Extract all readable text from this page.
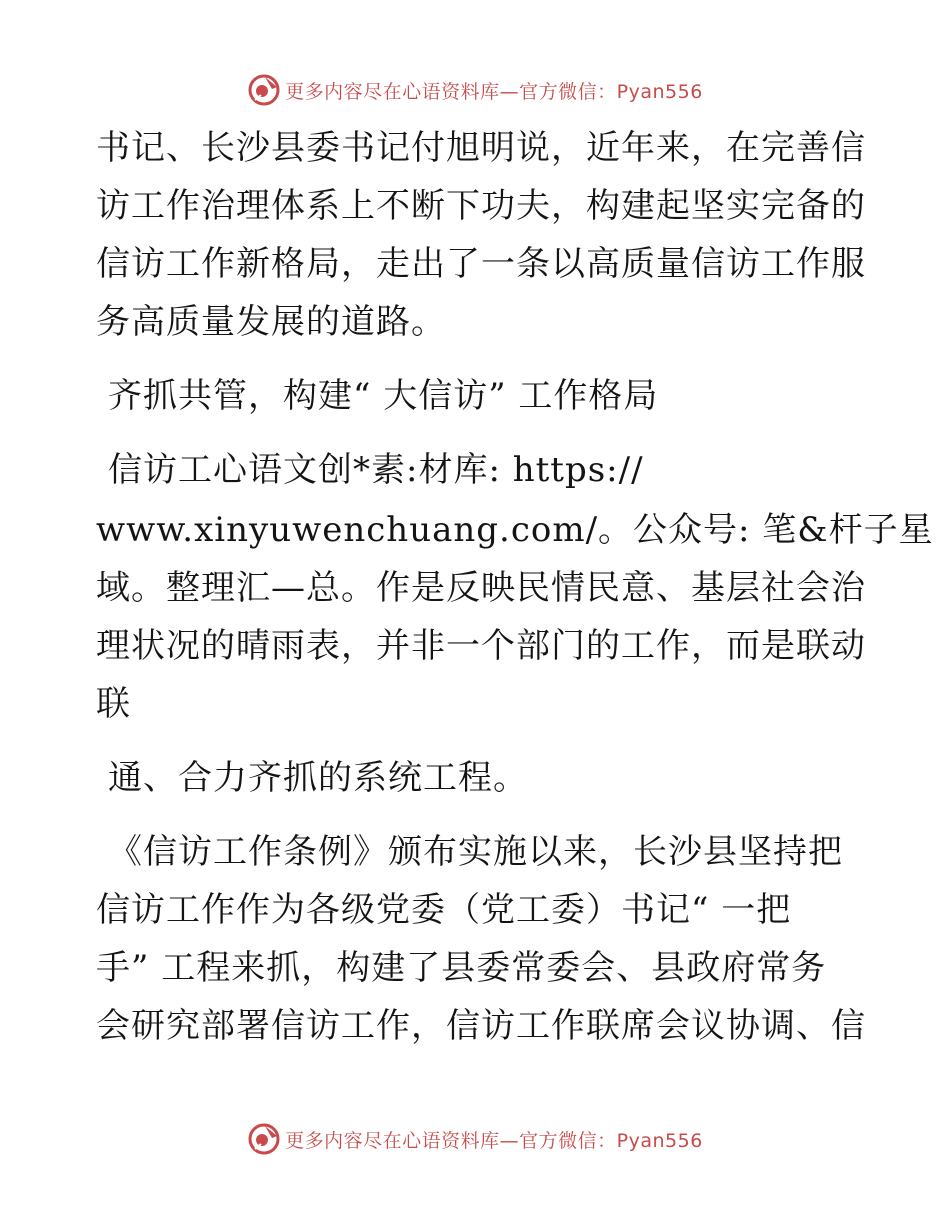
更多内容尽在心语资料库—官方微信：Pyan556
书记、长沙县委书记付旭明说，近年来，在完善信
访工作治理体系上不断下功夫，构建起坚实完备的
信访工作新格局，走出了一条以高质量信访工作服
务高质量发展的道路。
齐抓共管，构建“ 大信访” 工作格局
信访工心语文创*素:材库: https://
www.xinyuwenchuang.com/。公众号: 笔&杆子星
域。整理汇—总。作是反映民情民意、基层社会治
理状况的晴雨表，并非一个部门的工作，而是联动
联
通、合力齐抓的系统工程。
《信访工作条例》颁布实施以来，长沙县坚持把
信访工作作为各级党委（党工委）书记“ 一把
手” 工程来抓，构建了县委常委会、县政府常务
会研究部署信访工作，信访工作联席会议协调、信
更多内容尽在心语资料库—官方微信：Pyan556
